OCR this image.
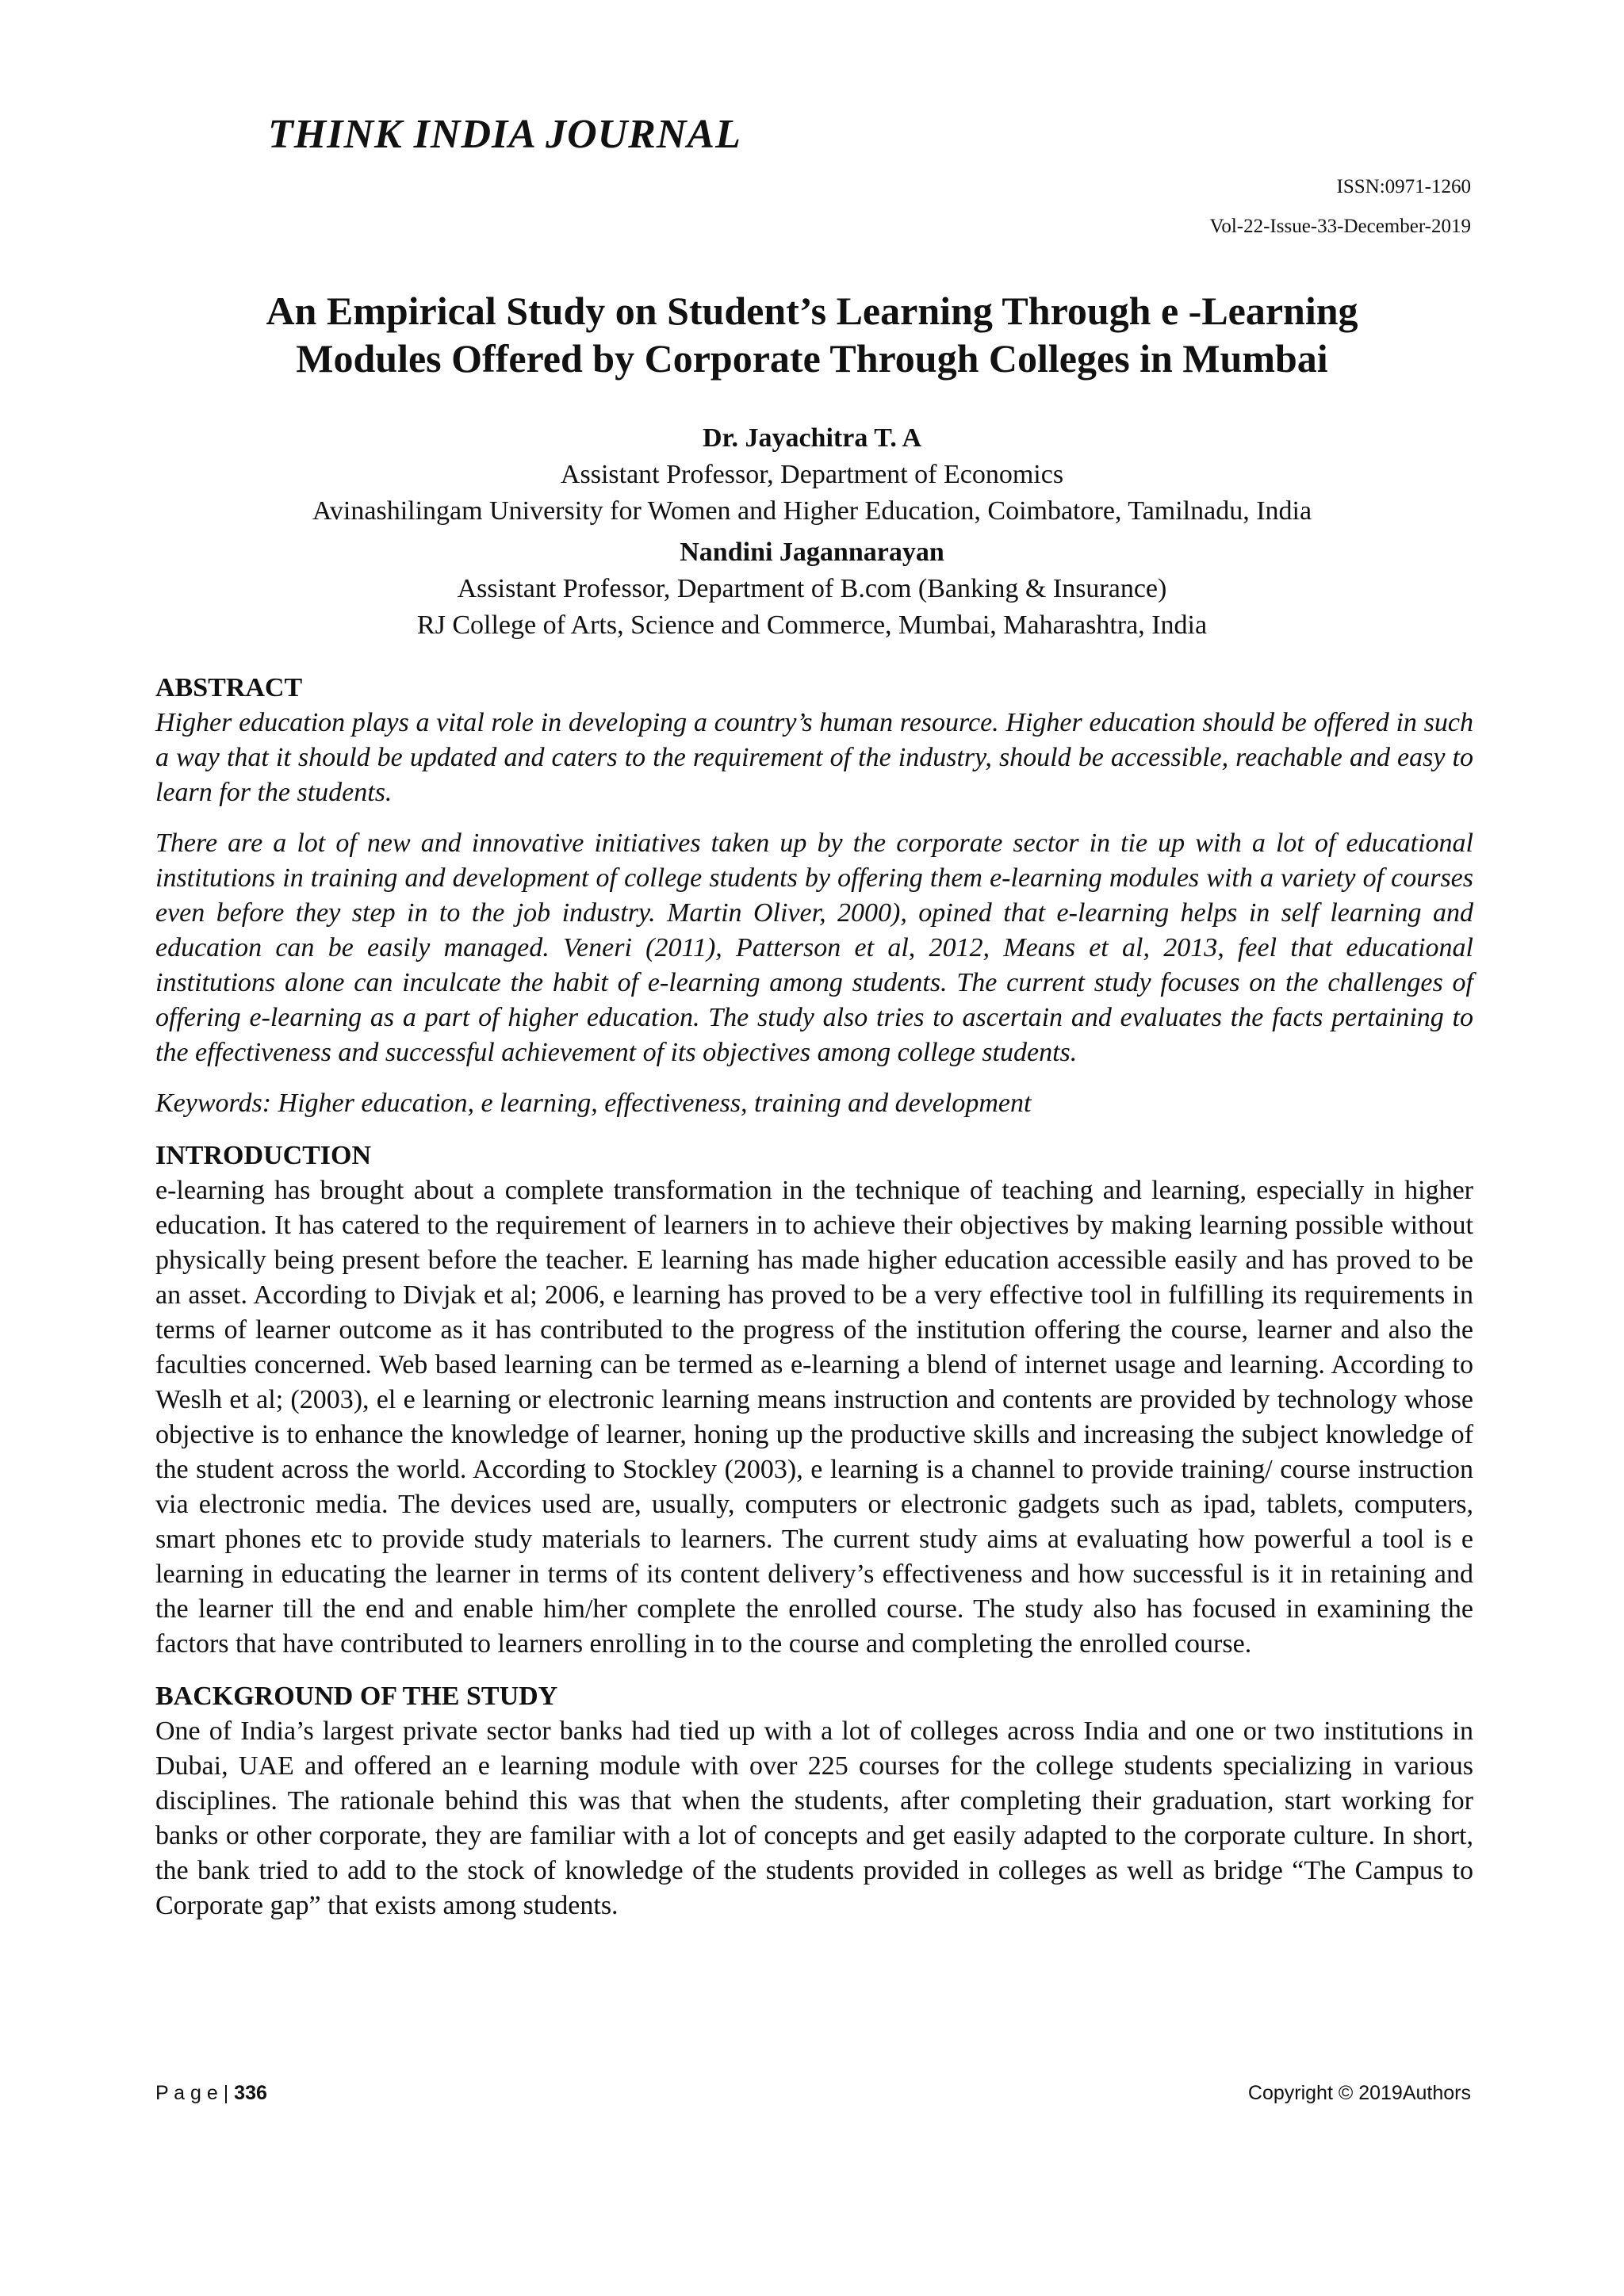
THINK INDIA JOURNAL

ISSN:0971-1260

Vol-22-Issue-33-December-2019

An Empirical Study on Student’s Learning Through e -Learning
Modules Offered by Corporate Through Colleges in Mumbai

Dr. Jayachitra T. A

Assistant Professor, Department of Economics

Avinashilingam University for Women and Higher Education, Coimbatore, Tamilnadu, India

Nandini Jagannarayan

Assistant Professor, Department of B.com (Banking & Insurance)

RJ College of Arts, Science and Commerce, Mumbai, Maharashtra, India

ABSTRACT

Higher education plays a vital role in developing a country’s human resource. Higher education should be offered in such a way that it should be updated and caters to the requirement of the industry, should be accessible, reachable and easy to learn for the students.

There are a lot of new and innovative initiatives taken up by the corporate sector in tie up with a lot of educational institutions in training and development of college students by offering them e-learning modules with a variety of courses even before they step in to the job industry. Martin Oliver, 2000), opined that e-learning helps in self learning and education can be easily managed. Veneri (2011), Patterson et al, 2012, Means et al, 2013, feel that educational institutions alone can inculcate the habit of e-learning among students. The current study focuses on the challenges of offering e-learning as a part of higher education. The study also tries to ascertain and evaluates the facts pertaining to the effectiveness and successful achievement of its objectives among college students.

Keywords: Higher education, e learning, effectiveness, training and development

INTRODUCTION

e-learning has brought about a complete transformation in the technique of teaching and learning, especially in higher education. It has catered to the requirement of learners in to achieve their objectives by making learning possible without physically being present before the teacher. E learning has made higher education accessible easily and has proved to be an asset. According to Divjak et al; 2006, e learning has proved to be a very effective tool in fulfilling its requirements in terms of learner outcome as it has contributed to the progress of the institution offering the course, learner and also the faculties concerned. Web based learning can be termed as e-learning a blend of internet usage and learning. According to Weslh et al; (2003), el e learning or electronic learning means instruction and contents are provided by technology whose objective is to enhance the knowledge of learner, honing up the productive skills and increasing the subject knowledge of the student across the world. According to Stockley (2003), e learning is a channel to provide training/ course instruction via electronic media. The devices used are, usually, computers or electronic gadgets such as ipad, tablets, computers, smart phones etc to provide study materials to learners. The current study aims at evaluating how powerful a tool is e learning in educating the learner in terms of its content delivery’s effectiveness and how successful is it in retaining and the learner till the end and enable him/her complete the enrolled course. The study also has focused in examining the factors that have contributed to learners enrolling in to the course and completing the enrolled course.

BACKGROUND OF THE STUDY

One of India’s largest private sector banks had tied up with a lot of colleges across India and one or two institutions in Dubai, UAE and offered an e learning module with over 225 courses for the college students specializing in various disciplines. The rationale behind this was that when the students, after completing their graduation, start working for banks or other corporate, they are familiar with a lot of concepts and get easily adapted to the corporate culture. In short, the bank tried to add to the stock of knowledge of the students provided in colleges as well as bridge “The Campus to Corporate gap” that exists among students.

P a g e | 336	Copyright © 2019Authors
